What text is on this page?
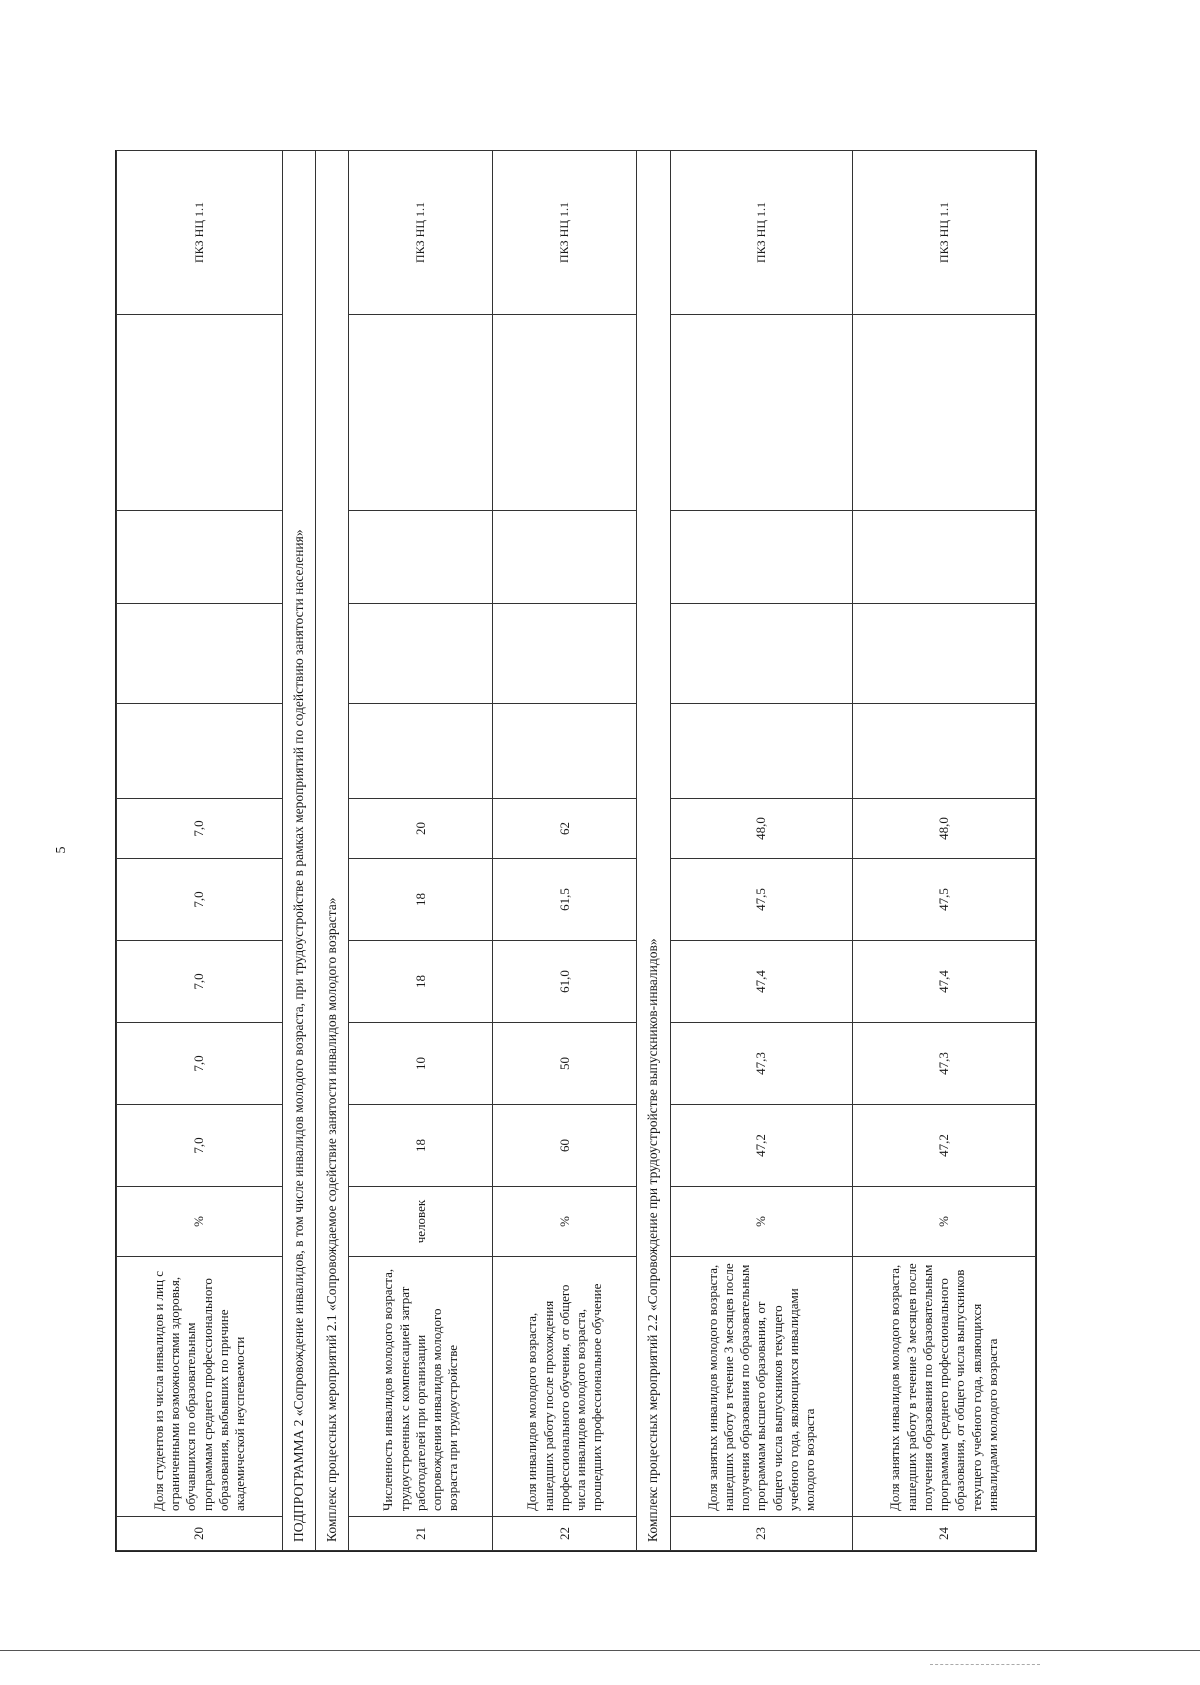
5
20	Доля студентов из числа инвалидов и лиц с ограниченными возможностями здоровья, обучавшихся по образовательным программам среднего профессионального образования, выбывших по причине академической неуспеваемости	%	7,0	7,0	7,0	7,0	7,0					ПКЗ НЦ 1.1
ПОДПРОГРАММА 2 «Сопровождение инвалидов, в том числе инвалидов молодого возраста, при трудоустройстве в рамках мероприятий по содействию занятости населения»												
Комплекс процессных мероприятий 2.1 «Сопровождаемое содействие занятости инвалидов молодого возраста»												
21	Численность инвалидов молодого возраста, трудоустроенных с компенсацией затрат работодателей при организации сопровождения инвалидов молодого возраста при трудоустройстве	человек	18	10	18	18	20					ПКЗ НЦ 1.1
22	Доля инвалидов молодого возраста, нашедших работу после прохождения профессионального обучения, от общего числа инвалидов молодого возраста, прошедших профессиональное обучение	%	60	50	61,0	61,5	62					ПКЗ НЦ 1.1
Комплекс процессных мероприятий 2.2 «Сопровождение при трудоустройстве выпускников-инвалидов»												
23	Доля занятых инвалидов молодого возраста, нашедших работу в течение 3 месяцев после получения образования по образовательным программам высшего образования, от общего числа выпускников текущего учебного года, являющихся инвалидами молодого возраста	%	47,2	47,3	47,4	47,5	48,0					ПКЗ НЦ 1.1
24	Доля занятых инвалидов молодого возраста, нашедших работу в течение 3 месяцев после получения образования по образовательным программам среднего профессионального образования, от общего числа выпускников текущего учебного года, являющихся инвалидами молодого возраста	%	47,2	47,3	47,4	47,5	48,0					ПКЗ НЦ 1.1
